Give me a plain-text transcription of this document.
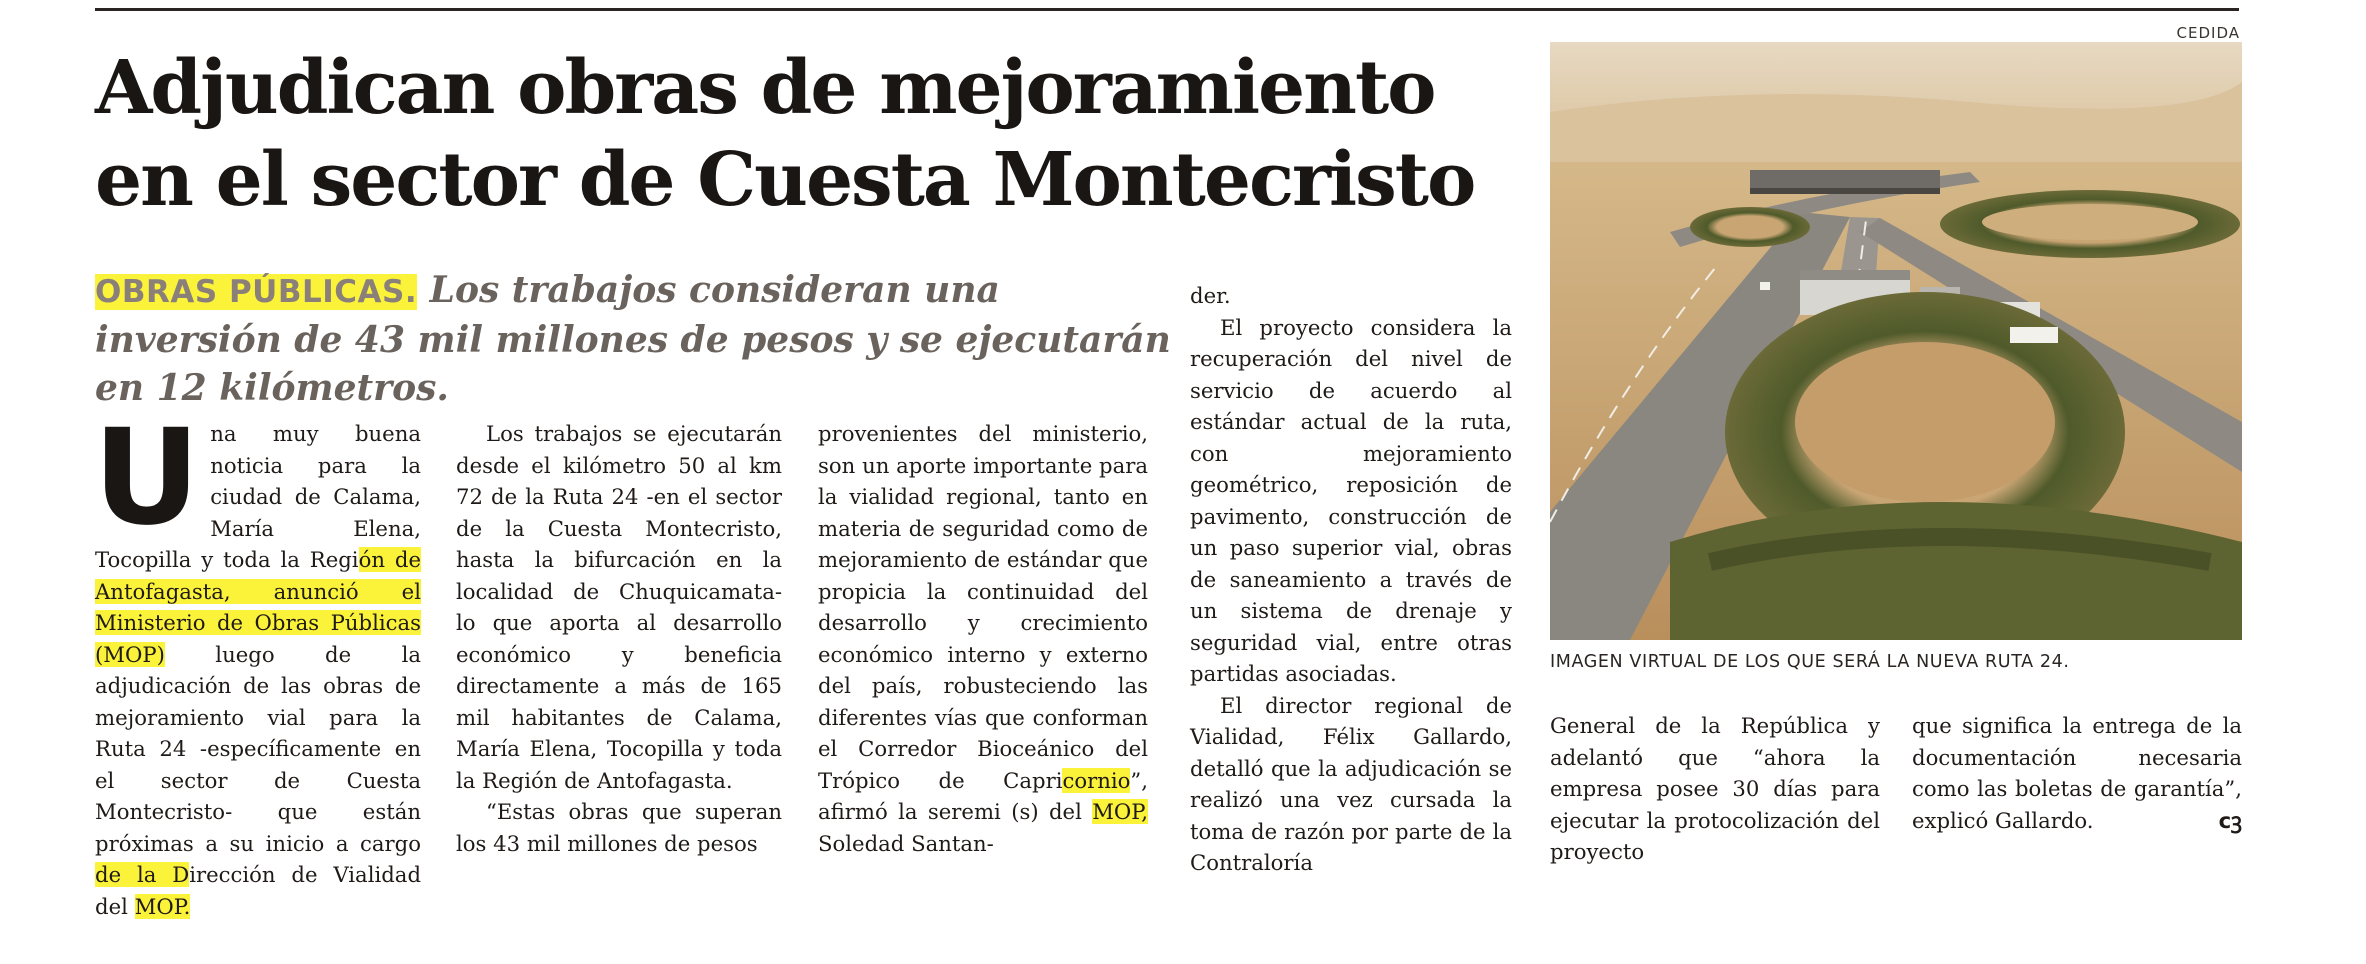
CEDIDA
Adjudican obras de mejoramiento
en el sector de Cuesta Montecristo
OBRAS PÚBLICAS. Los trabajos consideran una inversión de 43 mil millones de pesos y se ejecutarán en 12 kilómetros.

Una muy buena noticia para la ciudad de Calama, María Elena, Tocopilla y toda la Región de Antofagasta, anunció el Ministerio de Obras Públicas (MOP) luego de la adjudicación de las obras de mejoramiento vial para la Ruta 24 -específicamente en el sector de Cuesta Montecristo- que están próximas a su inicio a cargo de la Dirección de Vialidad del MOP.

Los trabajos se ejecutarán desde el kilómetro 50 al km 72 de la Ruta 24 -en el sector de la Cuesta Montecristo, hasta la bifurcación en la localidad de Chuquicamata- lo que aporta al desarrollo económico y beneficia directamente a más de 165 mil habitantes de Calama, María Elena, Tocopilla y toda la Región de Antofagasta.

“Estas obras que superan los 43 mil millones de pesos

provenientes del ministerio, son un aporte importante para la vialidad regional, tanto en materia de seguridad como de mejoramiento de estándar que propicia la continuidad del desarrollo y crecimiento económico interno y externo del país, robusteciendo las diferentes vías que conforman el Corredor Bioceánico del Trópico de Capricornio”, afirmó la seremi (s) del MOP, Soledad Santan-

der.

El proyecto considera la recuperación del nivel de servicio de acuerdo al estándar actual de la ruta, con mejoramiento geométrico, reposición de pavimento, construcción de un paso superior vial, obras de saneamiento a través de un sistema de drenaje y seguridad vial, entre otras partidas asociadas.

El director regional de Vialidad, Félix Gallardo, detalló que la adjudicación se realizó una vez cursada la toma de razón por parte de la Contraloría

IMAGEN VIRTUAL DE LOS QUE SERÁ LA NUEVA RUTA 24.

General de la República y adelantó que “ahora la empresa posee 30 días para ejecutar la protocolización del proyecto

que significa la entrega de la documentación necesaria como las boletas de garantía”, explicó Gallardo.	cꝫ
